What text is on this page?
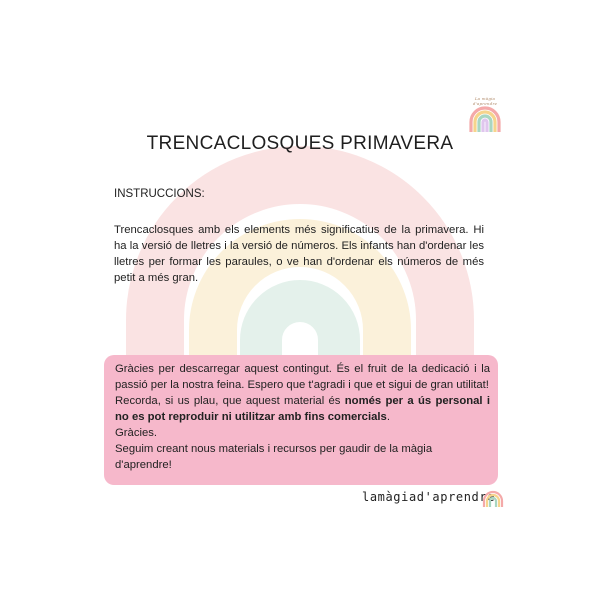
La màgia d'aprendre
TRENCACLOSQUES PRIMAVERA
INSTRUCCIONS:
Trencaclosques amb els elements més significatius de la primavera. Hi ha la versió de lletres i la versió de números. Els infants han d'ordenar les lletres per formar les paraules, o ve han d'ordenar els números de més petit a més gran.

Gràcies per descarregar aquest contingut. És el fruit de la dedicació i la passió per la nostra feina. Espero que t'agradi i que et sigui de gran utilitat!

Recorda, si us plau, que aquest material és només per a ús personal i no es pot reproduir ni utilitzar amb fins comercials.

Gràcies.

Seguim creant nous materials i recursos per gaudir de la màgia d'aprendre!

lamàgiad'aprendre
